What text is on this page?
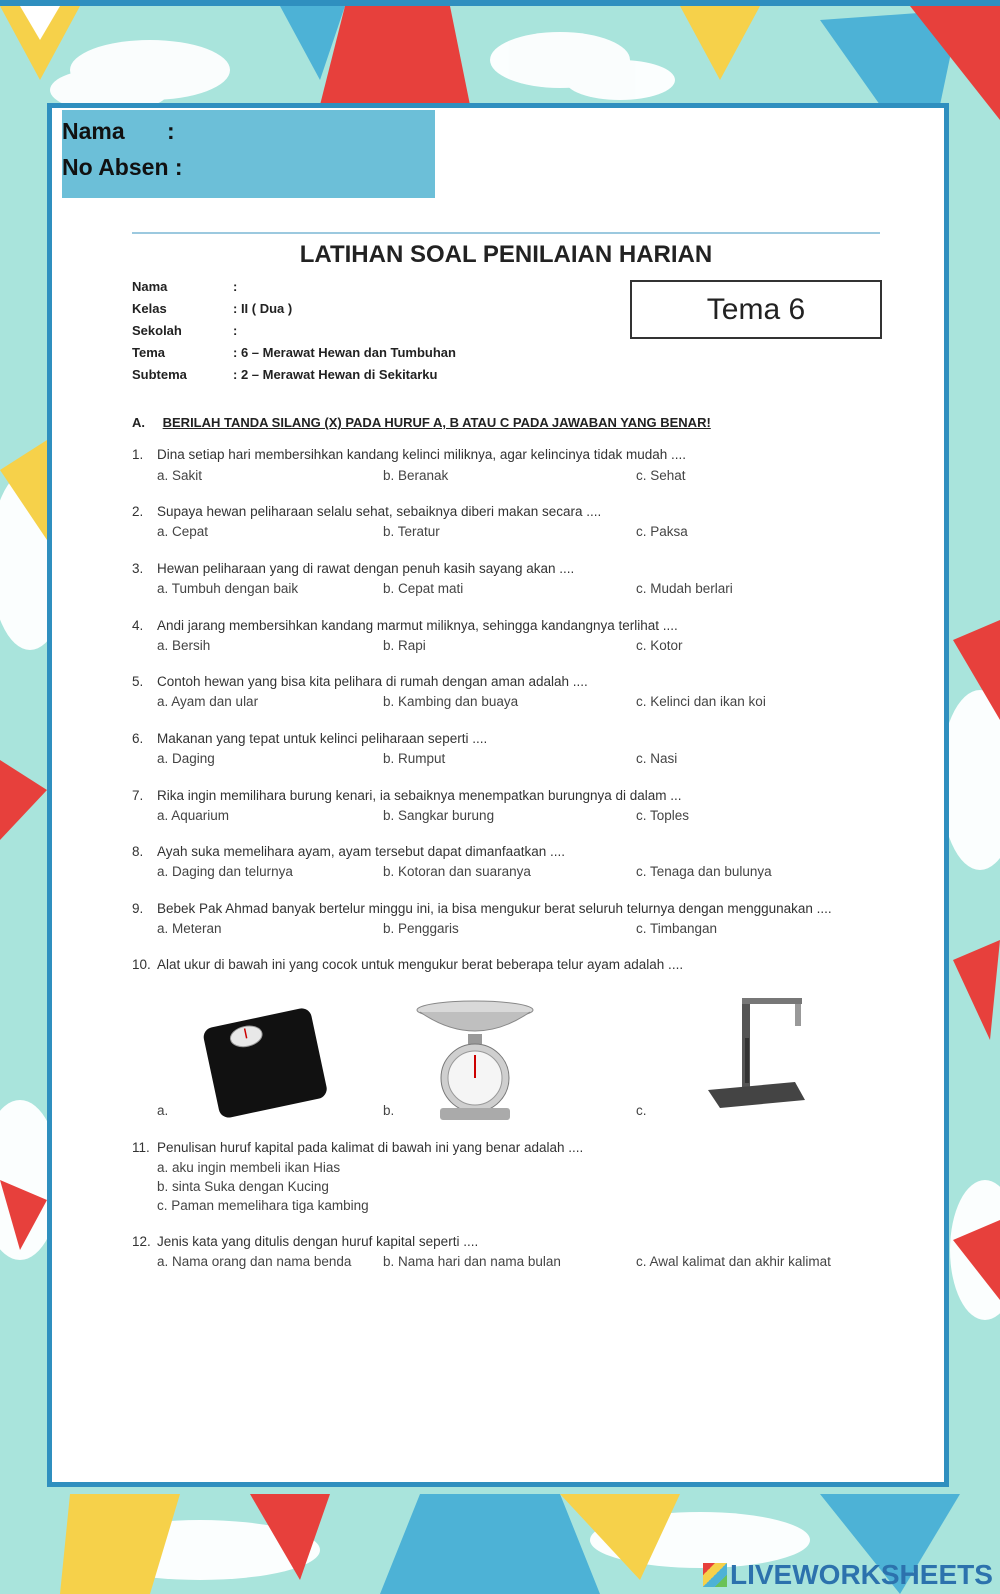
Nama :
No Absen :
LATIHAN SOAL PENILAIAN HARIAN
Nama	:
Kelas	: II ( Dua )
Sekolah	:
Tema	: 6 – Merawat Hewan dan Tumbuhan
Subtema	: 2 – Merawat Hewan di Sekitarku
Tema 6
A. BERILAH TANDA SILANG (X) PADA HURUF A, B ATAU C PADA JAWABAN YANG BENAR!
1. Dina setiap hari membersihkan kandang kelinci miliknya, agar kelincinya tidak mudah ....
a. Sakit	b. Beranak	c. Sehat
2. Supaya hewan peliharaan selalu sehat, sebaiknya diberi makan secara ....
a. Cepat	b. Teratur	c. Paksa
3. Hewan peliharaan yang di rawat dengan penuh kasih sayang akan ....
a. Tumbuh dengan baik	b. Cepat mati	c. Mudah berlari
4. Andi jarang membersihkan kandang marmut miliknya, sehingga kandangnya terlihat ....
a. Bersih	b. Rapi	c. Kotor
5. Contoh hewan yang bisa kita pelihara di rumah dengan aman adalah ....
a. Ayam dan ular	b. Kambing dan buaya	c. Kelinci dan ikan koi
6. Makanan yang tepat untuk kelinci peliharaan seperti ....
a. Daging	b. Rumput	c. Nasi
7. Rika ingin memilihara burung kenari, ia sebaiknya menempatkan burungnya di dalam ...
a. Aquarium	b. Sangkar burung	c. Toples
8. Ayah suka memelihara ayam, ayam tersebut dapat dimanfaatkan ....
a. Daging dan telurnya	b. Kotoran dan suaranya	c. Tenaga dan bulunya
9. Bebek Pak Ahmad banyak bertelur minggu ini, ia bisa mengukur berat seluruh telurnya dengan menggunakan ....
a. Meteran	b. Penggaris	c. Timbangan
10. Alat ukur di bawah ini yang cocok untuk mengukur berat beberapa telur ayam adalah ....
a.	b.	c.
11. Penulisan huruf kapital pada kalimat di bawah ini yang benar adalah ....
a. aku ingin membeli ikan Hias
b. sinta Suka dengan Kucing
c. Paman memelihara tiga kambing
12. Jenis kata yang ditulis dengan huruf kapital seperti ....
a. Nama orang dan nama benda b. Nama hari dan nama bulan	c. Awal kalimat dan akhir kalimat
LIVEWORKSHEETS
